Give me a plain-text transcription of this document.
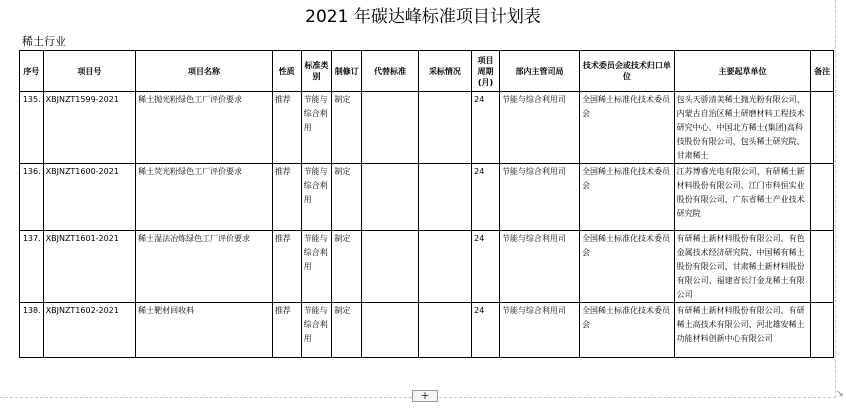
2021 年碳达峰标准项目计划表
稀土行业
序号	项目号	项目名称	性质	标准类别	制修订	代替标准	采标情况	项目周期(月)	部内主管司局	技术委员会或技术归口单位	主要起草单位	备注
135.	XBJNZT1599-2021	稀土抛光粉绿色工厂评价要求	推荐	节能与综合利用	制定			24	节能与综合利用司	全国稀土标准化技术委员会	包头天骄清美稀土抛光粉有限公司、内蒙古自治区稀土研磨材料工程技术研究中心、中国北方稀土(集团)高科技股份有限公司、包头稀土研究院、甘肃稀土	
136.	XBJNZT1600-2021	稀土荧光粉绿色工厂评价要求	推荐	节能与综合利用	制定			24	节能与综合利用司	全国稀土标准化技术委员会	江苏博睿光电有限公司、有研稀土新材料股份有限公司、江门市科恒实业股份有限公司、广东省稀土产业技术研究院	
137.	XBJNZT1601-2021	稀土湿法冶炼绿色工厂评价要求	推荐	节能与综合利用	制定			24	节能与综合利用司	全国稀土标准化技术委员会	有研稀土新材料股份有限公司、有色金属技术经济研究院、中国稀有稀土股份有限公司、甘肃稀土新材料股份有限公司、福建省长汀金龙稀土有限公司	
138.	XBJNZT1602-2021	稀土靶材回收料	推荐	节能与综合利用	制定			24	节能与综合利用司	全国稀土标准化技术委员会	有研稀土新材料股份有限公司、有研稀土高技术有限公司、河北雄安稀土功能材料创新中心有限公司	
+	↘
